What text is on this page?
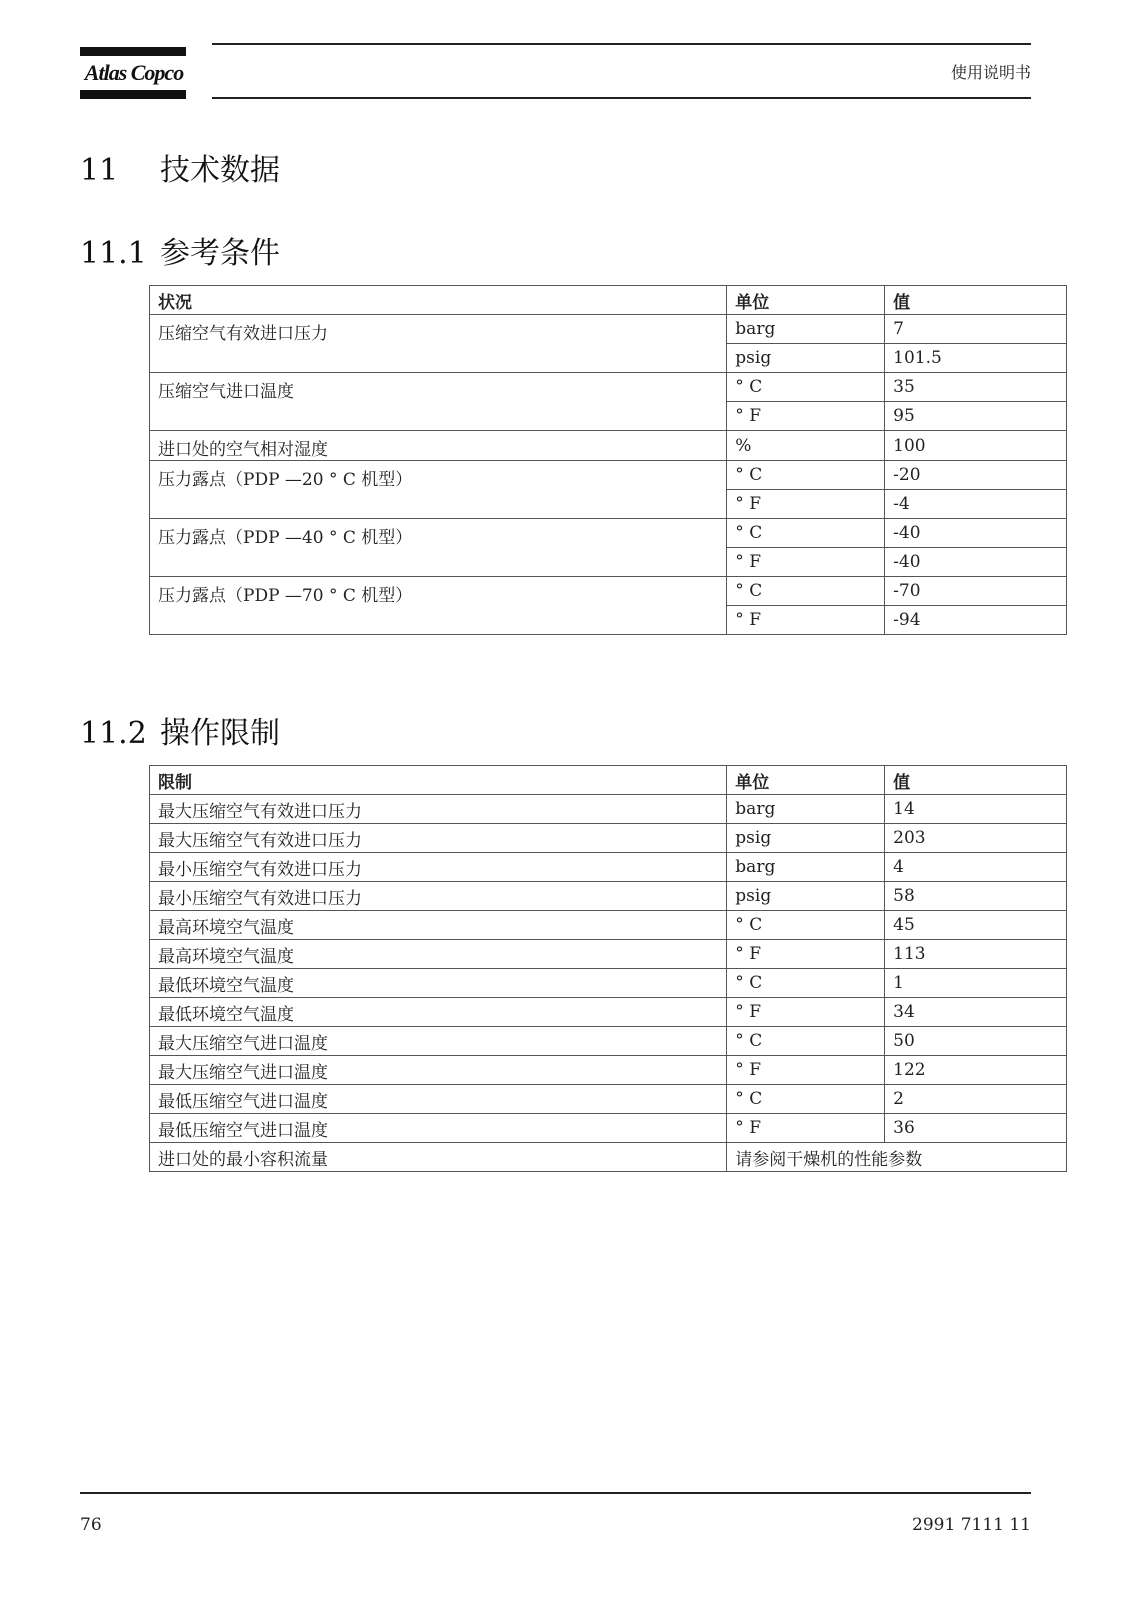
Atlas Copco	使用说明书
11 技术数据
11.1 参考条件
状况	单位	值
压缩空气有效进口压力	barg	7
	psig	101.5
压缩空气进口温度	° C	35
	° F	95
进口处的空气相对湿度	%	100
压力露点（PDP —20 ° C 机型）	° C	-20
	° F	-4
压力露点（PDP —40 ° C 机型）	° C	-40
	° F	-40
压力露点（PDP —70 ° C 机型）	° C	-70
	° F	-94
11.2 操作限制
限制	单位	值
最大压缩空气有效进口压力	barg	14
最大压缩空气有效进口压力	psig	203
最小压缩空气有效进口压力	barg	4
最小压缩空气有效进口压力	psig	58
最高环境空气温度	° C	45
最高环境空气温度	° F	113
最低环境空气温度	° C	1
最低环境空气温度	° F	34
最大压缩空气进口温度	° C	50
最大压缩空气进口温度	° F	122
最低压缩空气进口温度	° C	2
最低压缩空气进口温度	° F	36
进口处的最小容积流量	请参阅干燥机的性能参数	
76	2991 7111 11
